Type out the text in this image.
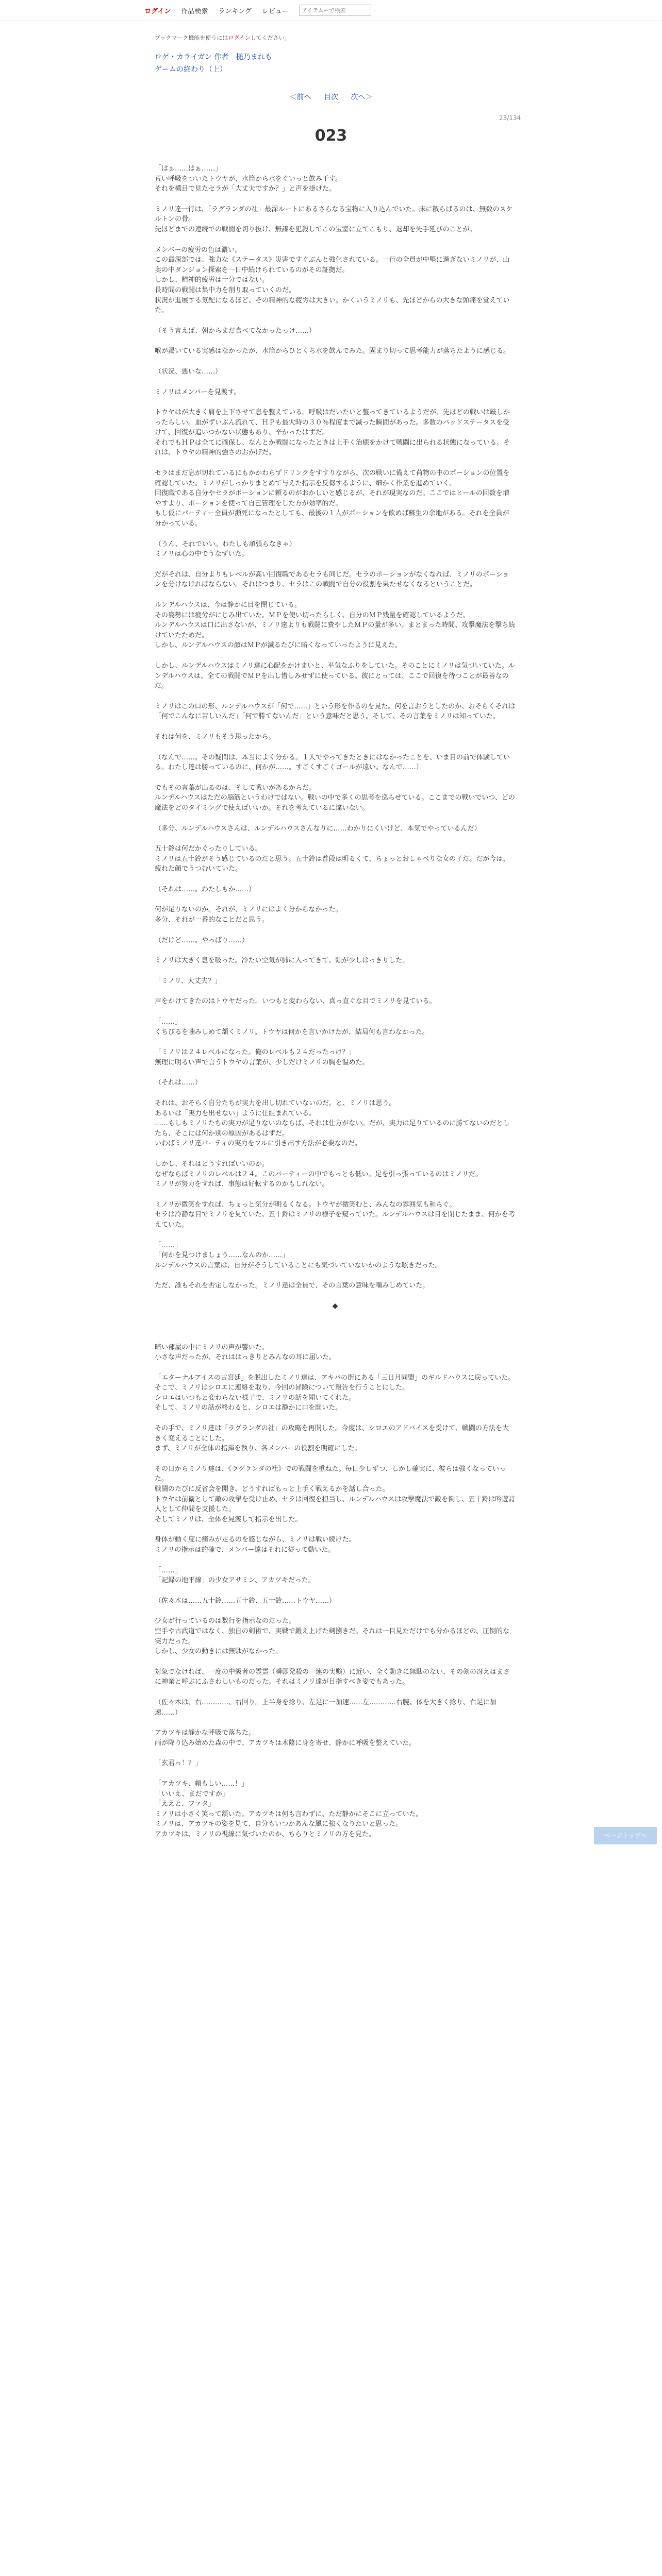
ログイン 作品検索 ランキング レビュー
アイテムーで検索
ブックマーク機能を使うにはログインしてください。
ロゲ・カライガン 作者　槌乃まれも
ゲームの終わり（上）
＜前へ 目次 次へ＞
23/134
023

「はぁ……はぁ……」
荒い呼吸をついたトウヤが、水筒から水をぐいっと飲み干す。
それを横目で見たセラが「大丈夫ですか？」と声を掛けた。

ミノリ達一行は、「ラグランダの社」最深ルートにあるさらなる宝物に入り込んでいた。床に散らばるのは、無数のスケルトンの骨。
先ほどまでの連続での戦闘を切り抜け、無謀を犯殺してこの宝室に立てこもり、退却を先手延びのことが。

メンバーの疲労の色は濃い。
この最深部では、強力な《ステータス》災害ですぐぶんと強化されている。一行の全員が中堅に過ぎないミノリが、山奥の中ダンジョン探索を一日中続けられているのがその証拠だ。
しかし、精神的疲労は十分ではない。
長時間の戦闘は集中力を削り取っていくのだ。
状況が進展する気配になるほど、その精神的な疲労は大きい。かくいうミノリも、先ほどからの大きな頭痛を覚えていた。

（そう言えば、朝からまだ食べてなかったっけ……）

喉が渇いている実感はなかったが、水筒からひとくち水を飲んでみた。固まり切って思考能力が落ちたように感じる。

（状況、悪いな……）

ミノリはメンバーを見渡す。

トウヤはが大きく肩を上下させて息を整えている。呼吸はだいたいと整ってきているようだが、先ほどの戦いは厳しかったらしい。血がずいぶん流れて、ＨＰも最大時の３０％程度まで減った瞬間があった。多数のバッドステータスを受けて、回復が追いつかない状態もあり、辛かったはずだ。
それでもＨＰは全てに確保し、なんとか戦闘になったときは上手く治癒をかけて戦闘に出られる状態になっている。それは、トウヤの精神的強さのおかげだ。

セラはまだ息が切れているにもかかわらずドリンクをすすりながら、次の戦いに備えて荷物の中のポーションの位置を確認していた。ミノリがしっかりまとめて与えた指示を反芻するように、細かく作業を進めていく。
回復職である自分やセラがポーションに頼るのがおかしいと感じるが、それが現実なのだ。ここではヒールの回数を増やすより、ポーションを使って自己管理をした方が効率的だ。
もし仮にパーティー全員が瀕死になったとしても、最後の１人がポーションを飲めば蘇生の余地がある。それを全員が分かっている。

（うん、それでいい。わたしも頑張らなきゃ）
ミノリは心の中でうなずいた。

だがそれは、自分よりもレベルが高い回復職であるセラも同じだ。セラのポーションがなくなれば、ミノリのポーションを分けなければならない。それはつまり、セラはこの戦闘で自分の役割を果たせなくなるということだ。

ルンデルハウスは、今は静かに目を閉じている。
その姿勢には疲労がにじみ出ていた。ＭＰを使い切ったらしく、自分のＭＰ残量を確認しているようだ。
ルンデルハウスは口に出さないが、ミノリ達よりも戦闘に費やしたＭＰの量が多い。まとまった時間、攻撃魔法を撃ち続けていたためだ。
しかし、ルンデルハウスの顔はＭＰが減るたびに暗くなっていったように見えた。

しかし、ルンデルハウスはミノリ達に心配をかけまいと、平気なふりをしていた。そのことにミノリは気づいていた。ルンデルハウスは、全ての戦闘でＭＰを出し惜しみせずに使っている。彼にとっては、ここで回復を待つことが最善なのだ。

ミノリはこの口の形、ルンデルハウスが「何で……」という形を作るのを見た。何を言おうとしたのか、おそらくそれは「何でこんなに苦しいんだ」「何で勝てないんだ」という意味だと思う。そして、その言葉をミノリは知っていた。

それは何を、ミノリもそう思ったから。

（なんで……。その疑問は、本当によく分かる。１人でやってきたときにはなかったことを、いま目の前で体験している。わたし達は勝っているのに、何かが……。すごくすごくゴールが遠い。なんで……）

でもその言葉が出るのは、そして戦いがあるからだ。
ルンデルハウスはただの脳筋というわけではない。戦いの中で多くの思考を巡らせている。ここまでの戦いでいつ、どの魔法をどのタイミングで使えばいいか。それを考えているに違いない。

（多分、ルンデルハウスさんは、ルンデルハウスさんなりに……わかりにくいけど、本気でやっているんだ）

五十鈴は何だかぐったりしている。
ミノリは五十鈴がそう感じているのだと思う。五十鈴は普段は明るくて、ちょっとおしゃべりな女の子だ。だが今は、疲れた顔でうつむいていた。

（それは……。わたしもか……）

何が足りないのか。それが、ミノリにはよく分からなかった。
多分、それが一番的なことだと思う。

（だけど……。やっぱり……）

ミノリは大きく息を吸った。冷たい空気が肺に入ってきて、頭が少しはっきりした。

「ミノリ、大丈夫？」

声をかけてきたのはトウヤだった。いつもと変わらない、真っ直ぐな目でミノリを見ている。

「……」
くちびるを噛みしめて頷くミノリ。トウヤは何かを言いかけたが、結局何も言わなかった。

「ミノリは２４レベルになった。俺のレベルも２４だったっけ？」
無理に明るい声で言うトウヤの言葉が、少しだけミノリの胸を温めた。

（それは……）

それは、おそらく自分たちが実力を出し切れていないのだ。と、ミノリは思う。
あるいは「実力を出せない」ように仕組まれている。
……もしもミノリたちの実力が足りないのならば、それは仕方がない。だが、実力は足りているのに勝てないのだとしたら、そこには何か別の原因があるはずだ。
いわばミノリ達パーティの実力をフルに引き出す方法が必要なのだ。

しかし、それはどうすればいいのか。
なぜならばミノリのレベルは２４。このパーティーの中でもっとも低い。足を引っ張っているのはミノリだ。
ミノリが努力をすれば、事態は好転するのかもしれない。

ミノリが微笑をすれば、ちょっと気分が明るくなる。トウヤが微笑むと、みんなの雰囲気も和らぐ。
セラは冷静な目でミノリを見ていた。五十鈴はミノリの様子を窺っていた。ルンデルハウスは目を閉じたまま、何かを考えていた。

「……」
「何かを見つけましょう……なんのか……」
ルンデルハウスの言葉は、自分がそうしていることにも気づいていないかのような呟きだった。

ただ、誰もそれを否定しなかった。ミノリ達は全員で、その言葉の意味を噛みしめていた。

◆

暗い部屋の中にミノリの声が響いた。
小さな声だったが、それははっきりとみんなの耳に届いた。

「エターナルアイスの古宮廷」を脱出したミノリ達は、アキバの街にある「三日月同盟」のギルドハウスに戻っていた。そこで、ミノリはシロエに連絡を取り、今回の冒険について報告を行うことにした。
シロエはいつもと変わらない様子で、ミノリの話を聞いてくれた。
そして、ミノリの話が終わると、シロエは静かに口を開いた。

その手で、ミノリ達は「ラグランダの社」の攻略を再開した。今度は、シロエのアドバイスを受けて、戦闘の方法を大きく変えることにした。
まず、ミノリが全体の指揮を執り、各メンバーの役割を明確にした。

その日からミノリ達は、《ラグランダの社》での戦闘を重ねた。毎日少しずつ、しかし確実に、彼らは強くなっていった。
戦闘のたびに反省会を開き、どうすればもっと上手く戦えるかを話し合った。
トウヤは前衛として敵の攻撃を受け止め、セラは回復を担当し、ルンデルハウスは攻撃魔法で敵を倒し、五十鈴は吟遊詩人として仲間を支援した。
そしてミノリは、全体を見渡して指示を出した。

身体が動く度に痛みが走るのを感じながら、ミノリは戦い続けた。
ミノリの指示は的確で、メンバー達はそれに従って動いた。

「……」
「記録の地平線」の少女アサミン、アカツキだった。

（佐々木は……五十鈴……五十鈴、五十鈴……トウヤ……）

少女が行っているのは数行を指示なのだった。
空手や古武道ではなく、独自の剣術で、実戦で鍛え上げた剣捌きだ。それは一目見ただけでも分かるほどの、圧倒的な実力だった。
しかし、少女の動きには無駄がなかった。

対象でなければ、一度の中級者の霊霊（瞬即発殺の一連の実験）に近い、全く動きに無駄のない、その剣の冴えはまさに神業と呼ぶにふさわしいものだった。それはミノリ達が目指すべき姿でもあった。

（佐々木は、右…………、右回り。上半身を捻り、左足に一加速……左…………右腕、体を大きく捻り、右足に加速……）

アカツキは静かな呼吸で落ちた。
雨が降り込み始めた森の中で、アカツキは木陰に身を寄せ、静かに呼吸を整えていた。

「玄君っ！？」

「アカツキ、頼もしい……！」
「いいえ、まだですか」
「ええと、ファタ」
ミノリは小さく笑って頷いた。アカツキは何も言わずに、ただ静かにそこに立っていた。
ミノリは、アカツキの姿を見て、自分もいつかあんな風に強くなりたいと思った。
アカツキは、ミノリの視線に気づいたのか、ちらりとミノリの方を見た。	ページトップへ
